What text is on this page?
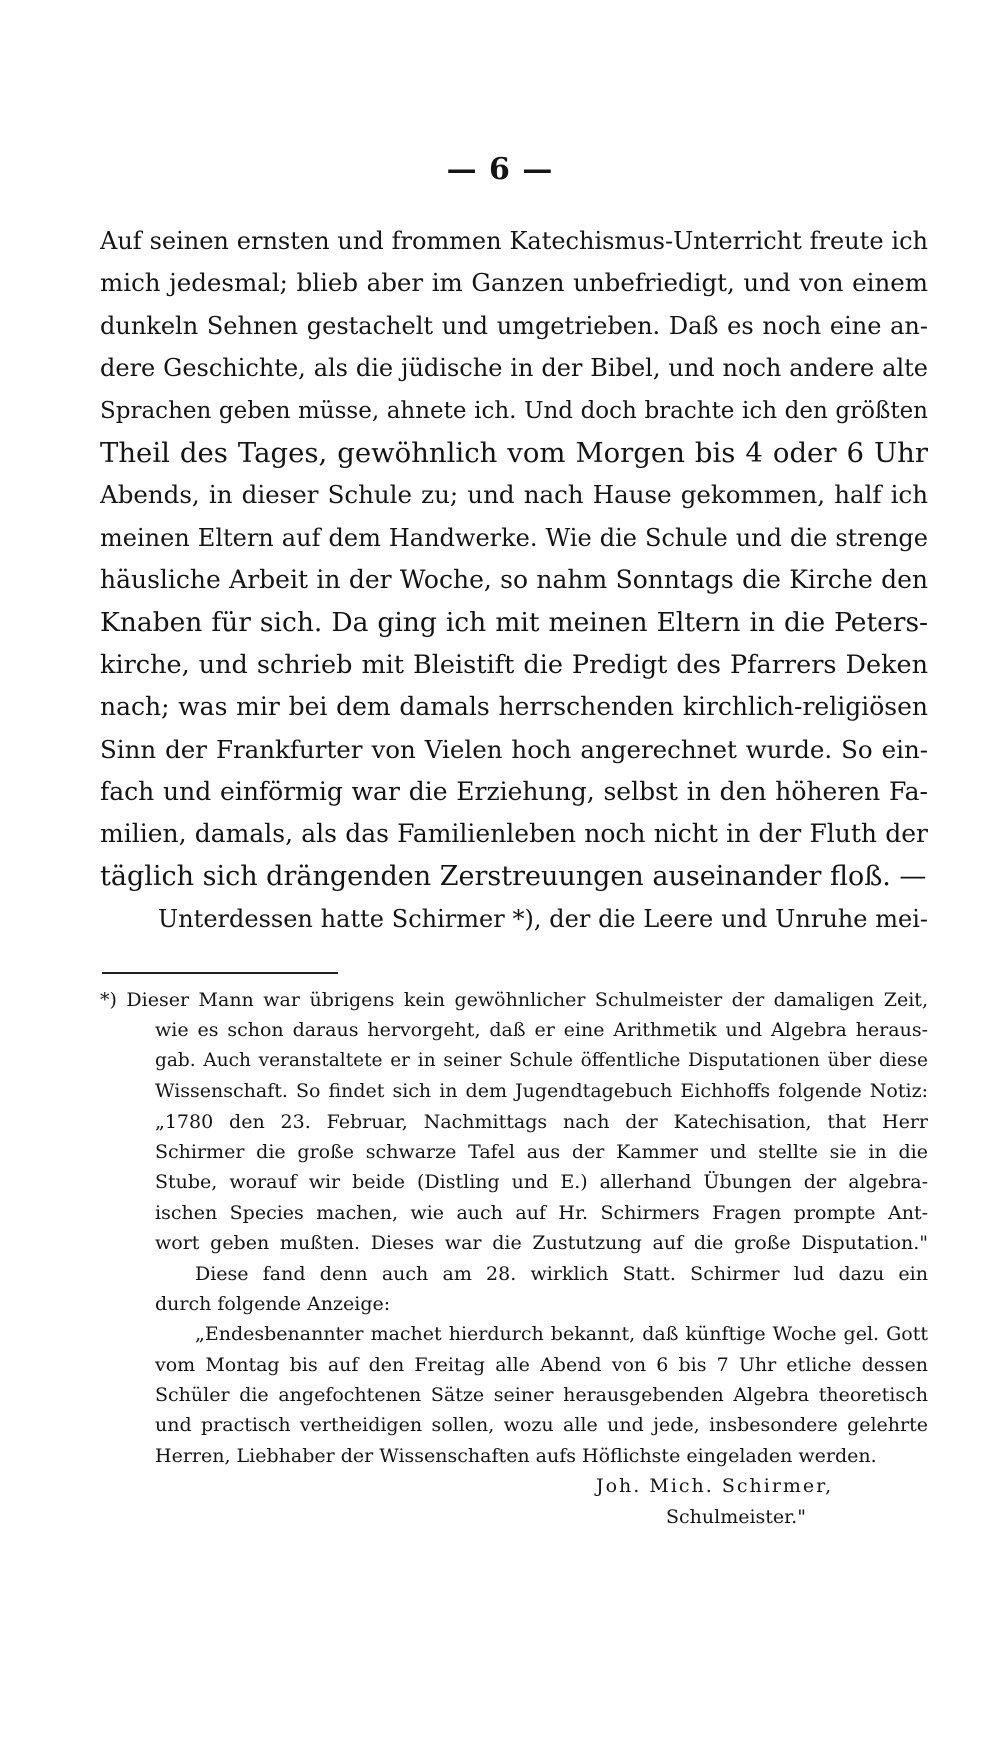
— 6 —
Auf seinen ernsten und frommen Katechismus-Unterricht freute ich
mich jedesmal; blieb aber im Ganzen unbefriedigt, und von einem
dunkeln Sehnen gestachelt und umgetrieben. Daß es noch eine an-
dere Geschichte, als die jüdische in der Bibel, und noch andere alte
Sprachen geben müsse, ahnete ich. Und doch brachte ich den größten
Theil des Tages, gewöhnlich vom Morgen bis 4 oder 6 Uhr
Abends, in dieser Schule zu; und nach Hause gekommen, half ich
meinen Eltern auf dem Handwerke. Wie die Schule und die strenge
häusliche Arbeit in der Woche, so nahm Sonntags die Kirche den
Knaben für sich. Da ging ich mit meinen Eltern in die Peters-
kirche, und schrieb mit Bleistift die Predigt des Pfarrers Deken
nach; was mir bei dem damals herrschenden kirchlich-religiösen
Sinn der Frankfurter von Vielen hoch angerechnet wurde. So ein-
fach und einförmig war die Erziehung, selbst in den höheren Fa-
milien, damals, als das Familienleben noch nicht in der Fluth der
täglich sich drängenden Zerstreuungen auseinander floß. —
Unterdessen hatte Schirmer *), der die Leere und Unruhe mei-
*) Dieser Mann war übrigens kein gewöhnlicher Schulmeister der damaligen Zeit,
wie es schon daraus hervorgeht, daß er eine Arithmetik und Algebra heraus-
gab. Auch veranstaltete er in seiner Schule öffentliche Disputationen über diese
Wissenschaft. So findet sich in dem Jugendtagebuch Eichhoffs folgende Notiz:
„1780 den 23. Februar, Nachmittags nach der Katechisation, that Herr
Schirmer die große schwarze Tafel aus der Kammer und stellte sie in die
Stube, worauf wir beide (Distling und E.) allerhand Übungen der algebra-
ischen Species machen, wie auch auf Hr. Schirmers Fragen prompte Ant-
wort geben mußten. Dieses war die Zustutzung auf die große Disputation."
Diese fand denn auch am 28. wirklich Statt. Schirmer lud dazu ein
durch folgende Anzeige:
„Endesbenannter machet hierdurch bekannt, daß künftige Woche gel. Gott
vom Montag bis auf den Freitag alle Abend von 6 bis 7 Uhr etliche dessen
Schüler die angefochtenen Sätze seiner herausgebenden Algebra theoretisch
und practisch vertheidigen sollen, wozu alle und jede, insbesondere gelehrte
Herren, Liebhaber der Wissenschaften aufs Höflichste eingeladen werden.
Joh. Mich. Schirmer,
Schulmeister."
